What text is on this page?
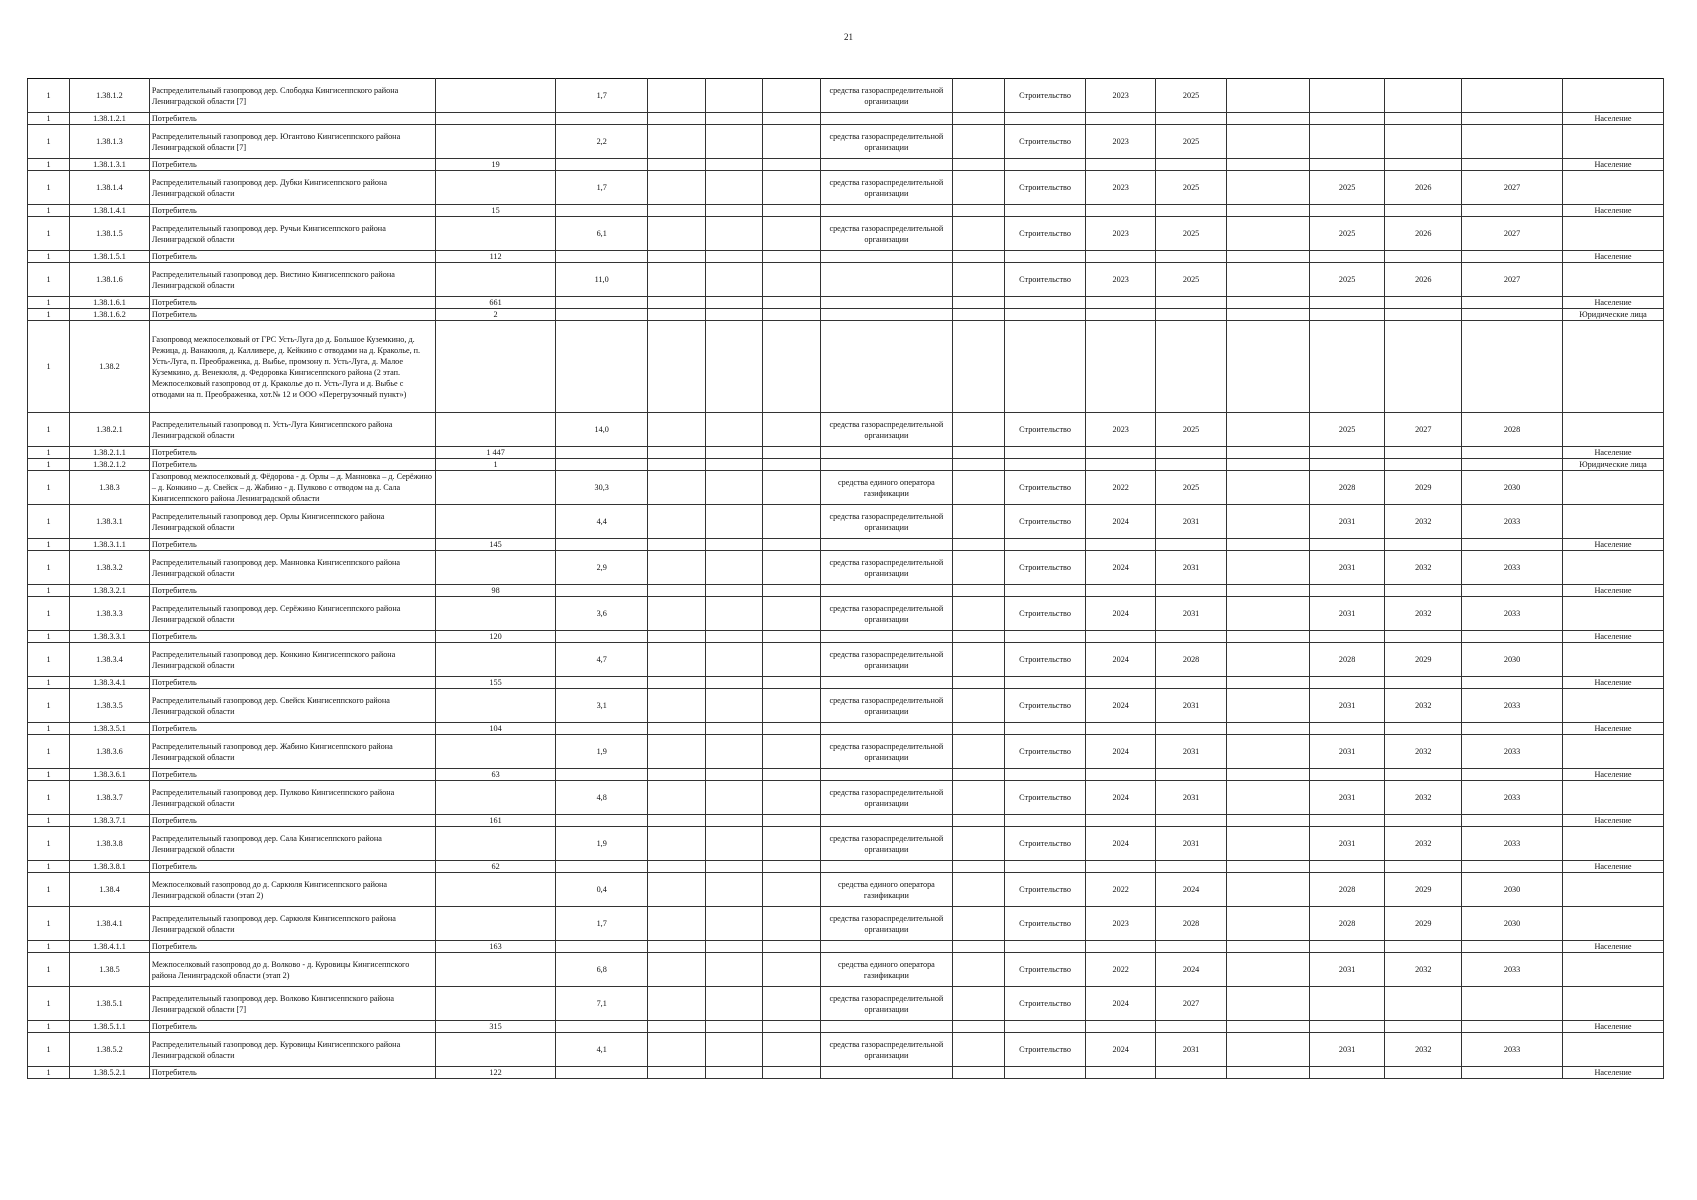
21
1	1.38.1.2	Распределительный газопровод дер. Слободка Кингисеппского района Ленинградской области [7]		1,7				средства газораспределительной организации		Строительство	2023	2025					
1	1.38.1.2.1	Потребитель															Население
1	1.38.1.3	Распределительный газопровод дер. Югантово Кингисеппского района Ленинградской области [7]		2,2				средства газораспределительной организации		Строительство	2023	2025					
1	1.38.1.3.1	Потребитель	19														Население
1	1.38.1.4	Распределительный газопровод дер. Дубки Кингисеппского района Ленинградской области		1,7				средства газораспределительной организации		Строительство	2023	2025		2025	2026	2027	
1	1.38.1.4.1	Потребитель	15														Население
1	1.38.1.5	Распределительный газопровод дер. Ручьи Кингисеппского района Ленинградской области		6,1				средства газораспределительной организации		Строительство	2023	2025		2025	2026	2027	
1	1.38.1.5.1	Потребитель	112														Население
1	1.38.1.6	Распределительный газопровод дер. Вистино Кингисеппского района Ленинградской области		11,0						Строительство	2023	2025		2025	2026	2027	
1	1.38.1.6.1	Потребитель	661														Население
1	1.38.1.6.2	Потребитель	2														Юридические лица
1	1.38.2	Газопровод межпоселковый от ГРС Усть-Луга до д. Большое Куземкино, д. Режица, д. Ванакюля, д. Калливере, д. Кейкино с отводами на д. Краколье, п. Усть-Луга, п. Преображенка, д. Выбье, промзону п. Усть-Луга, д. Малое Куземкино, д. Венекюля, д. Федоровка Кингисеппского района (2 этап. Межпоселковый газопровод от д. Краколье до п. Усть-Луга и д. Выбье с отводами на п. Преображенка, хот.№ 12 и ООО «Перегрузочный пункт»)															
1	1.38.2.1	Распределительный газопровод п. Усть-Луга Кингисеппского района Ленинградской области		14,0				средства газораспределительной организации		Строительство	2023	2025		2025	2027	2028	
1	1.38.2.1.1	Потребитель	1 447														Население
1	1.38.2.1.2	Потребитель	1														Юридические лица
1	1.38.3	Газопровод межпоселковый д. Фёдорова - д. Орлы – д. Манновка – д. Серёжино – д. Конкино – д. Свейск – д. Жабино - д. Пулково с отводом на д. Сала Кингисеппского района Ленинградской области		30,3				средства единого оператора газификации		Строительство	2022	2025		2028	2029	2030	
1	1.38.3.1	Распределительный газопровод дер. Орлы Кингисеппского района Ленинградской области		4,4				средства газораспределительной организации		Строительство	2024	2031		2031	2032	2033	
1	1.38.3.1.1	Потребитель	145														Население
1	1.38.3.2	Распределительный газопровод дер. Манновка Кингисеппского района Ленинградской области		2,9				средства газораспределительной организации		Строительство	2024	2031		2031	2032	2033	
1	1.38.3.2.1	Потребитель	98														Население
1	1.38.3.3	Распределительный газопровод дер. Серёжино Кингисеппского района Ленинградской области		3,6				средства газораспределительной организации		Строительство	2024	2031		2031	2032	2033	
1	1.38.3.3.1	Потребитель	120														Население
1	1.38.3.4	Распределительный газопровод дер. Конкино Кингисеппского района Ленинградской области		4,7				средства газораспределительной организации		Строительство	2024	2028		2028	2029	2030	
1	1.38.3.4.1	Потребитель	155														Население
1	1.38.3.5	Распределительный газопровод дер. Свейск Кингисеппского района Ленинградской области		3,1				средства газораспределительной организации		Строительство	2024	2031		2031	2032	2033	
1	1.38.3.5.1	Потребитель	104														Население
1	1.38.3.6	Распределительный газопровод дер. Жабино Кингисеппского района Ленинградской области		1,9				средства газораспределительной организации		Строительство	2024	2031		2031	2032	2033	
1	1.38.3.6.1	Потребитель	63														Население
1	1.38.3.7	Распределительный газопровод дер. Пулково Кингисеппского района Ленинградской области		4,8				средства газораспределительной организации		Строительство	2024	2031		2031	2032	2033	
1	1.38.3.7.1	Потребитель	161														Население
1	1.38.3.8	Распределительный газопровод дер. Сала Кингисеппского района Ленинградской области		1,9				средства газораспределительной организации		Строительство	2024	2031		2031	2032	2033	
1	1.38.3.8.1	Потребитель	62														Население
1	1.38.4	Межпоселковый газопровод до д. Саркюля Кингисеппского района Ленинградской области (этап 2)		0,4				средства единого оператора газификации		Строительство	2022	2024		2028	2029	2030	
1	1.38.4.1	Распределительный газопровод дер. Саркюля Кингисеппского района Ленинградской области		1,7				средства газораспределительной организации		Строительство	2023	2028		2028	2029	2030	
1	1.38.4.1.1	Потребитель	163														Население
1	1.38.5	Межпоселковый газопровод до д. Волково - д. Куровицы Кингисеппского района Ленинградской области (этап 2)		6,8				средства единого оператора газификации		Строительство	2022	2024		2031	2032	2033	
1	1.38.5.1	Распределительный газопровод дер. Волково Кингисеппского района Ленинградской области [7]		7,1				средства газораспределительной организации		Строительство	2024	2027					
1	1.38.5.1.1	Потребитель	315														Население
1	1.38.5.2	Распределительный газопровод дер. Куровицы Кингисеппского района Ленинградской области		4,1				средства газораспределительной организации		Строительство	2024	2031		2031	2032	2033	
1	1.38.5.2.1	Потребитель	122														Население
